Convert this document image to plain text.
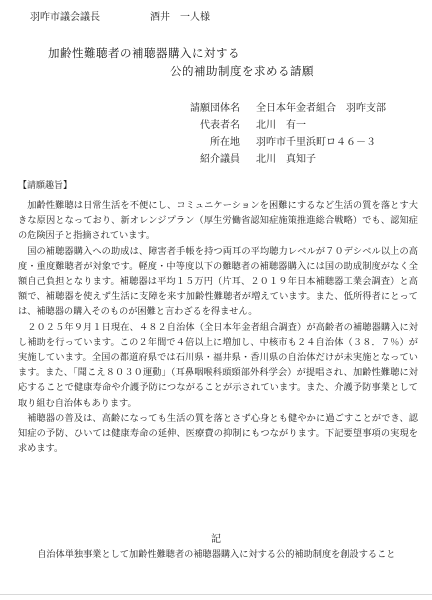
羽咋市議会議長	酒井　一人様
加齢性難聴者の補聴器購入に対する
公的補助制度を求める請願
請願団体名	全日本年金者組合　羽咋支部
代表者名	北川　有一
所在地	羽咋市千里浜町ロ４６－３
紹介議員	北川　真知子
【請願趣旨】

加齢性難聴は日常生活を不便にし、コミュニケーションを困難にするなど生活の質を落とす大きな原因となっており、新オレンジプラン（厚生労働省認知症施策推進総合戦略）でも、認知症の危険因子と指摘されています。

国の補聴器購入への助成は、障害者手帳を持つ両耳の平均聴力レベルが７０デシベル以上の高度・重度難聴者が対象です。軽度・中等度以下の難聴者の補聴器購入には国の助成制度がなく全額自己負担となります。補聴器は平均１５万円（片耳、２０１９年日本補聴器工業会調査）と高額で、補聴器を使えず生活に支障を来す加齢性難聴者が増えています。また、低所得者にとっては、補聴器の購入そのものが困難と言わざるを得ません。

２０２５年９月１日現在、４８２自治体（全日本年金者組合調査）が高齢者の補聴器購入に対し補助を行っています。この２年間で４倍以上に増加し、中核市も２４自治体（３８．７％）が実施しています。全国の都道府県では石川県・福井県・香川県の自治体だけが未実施となっています。また、「聞こえ８０３０運動」（耳鼻咽喉科頭頸部外科学会）が提唱され、加齢性難聴に対応することで健康寿命や介護予防につながることが示されています。また、介護予防事業として取り組む自治体もあります。

補聴器の普及は、高齢になっても生活の質を落とさず心身とも健やかに過ごすことができ、認知症の予防、ひいては健康寿命の延伸、医療費の抑制にもつながります。下記要望事項の実現を求めます。

記
自治体単独事業として加齢性難聴者の補聴器購入に対する公的補助制度を創設すること
